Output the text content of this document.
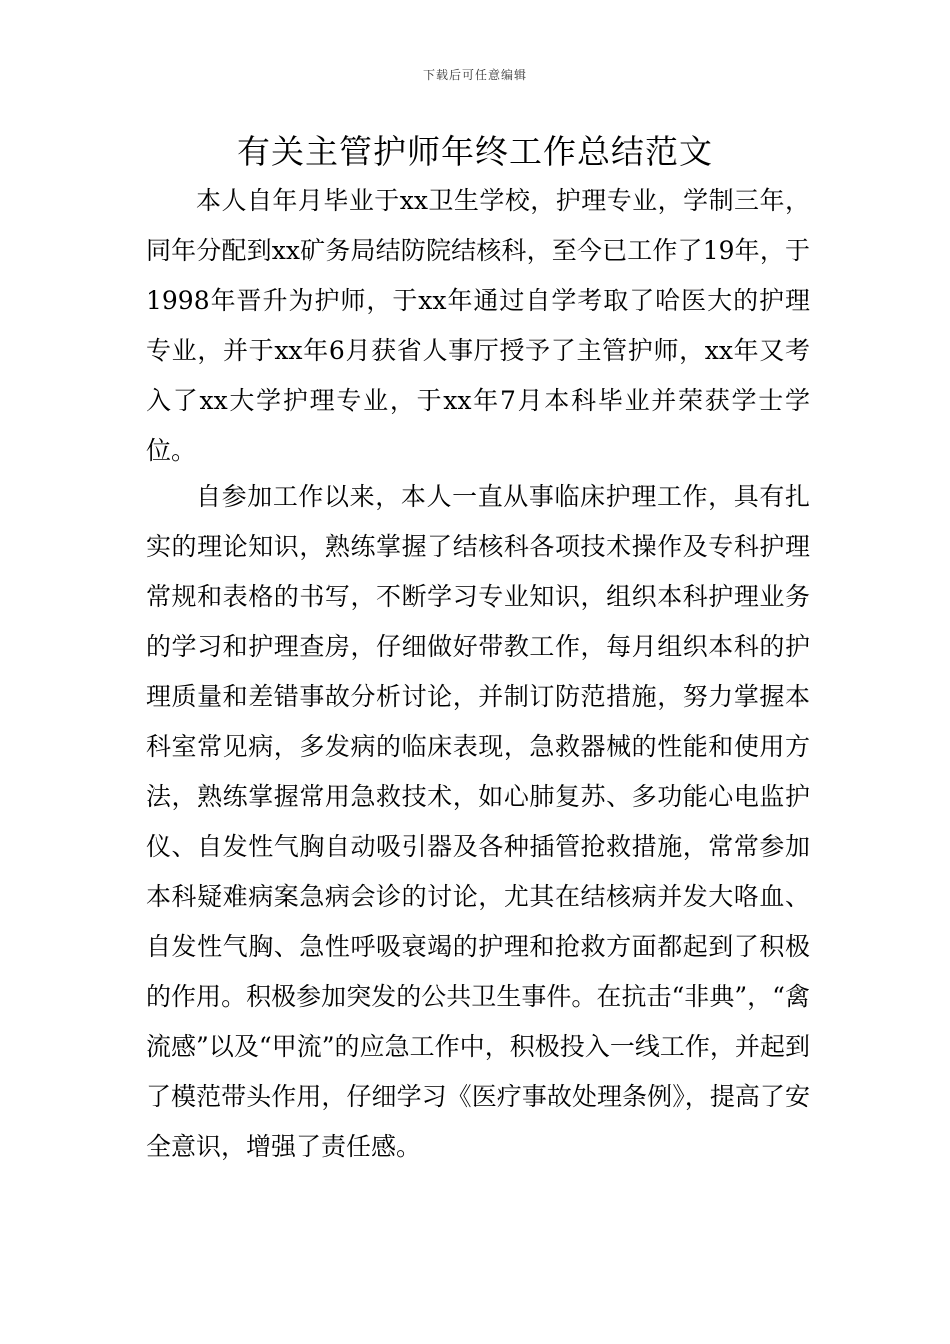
下载后可任意编辑
有关主管护师年终工作总结范文

本人自年月毕业于xx卫生学校，护理专业，学制三年，同年分配到xx矿务局结防院结核科，至今已工作了19年，于1998年晋升为护师，于xx年通过自学考取了哈医大的护理专业，并于xx年6月获省人事厅授予了主管护师，xx年又考入了xx大学护理专业，于xx年7月本科毕业并荣获学士学位。

自参加工作以来，本人一直从事临床护理工作，具有扎实的理论知识，熟练掌握了结核科各项技术操作及专科护理常规和表格的书写，不断学习专业知识，组织本科护理业务的学习和护理查房，仔细做好带教工作，每月组织本科的护理质量和差错事故分析讨论，并制订防范措施，努力掌握本科室常见病，多发病的临床表现，急救器械的性能和使用方法，熟练掌握常用急救技术，如心肺复苏、多功能心电监护仪、自发性气胸自动吸引器及各种插管抢救措施，常常参加本科疑难病案急病会诊的讨论，尤其在结核病并发大咯血、自发性气胸、急性呼吸衰竭的护理和抢救方面都起到了积极的作用。积极参加突发的公共卫生事件。在抗击“非典”，“禽流感”以及“甲流”的应急工作中，积极投入一线工作，并起到了模范带头作用，仔细学习《医疗事故处理条例》，提高了安全意识，增强了责任感。
